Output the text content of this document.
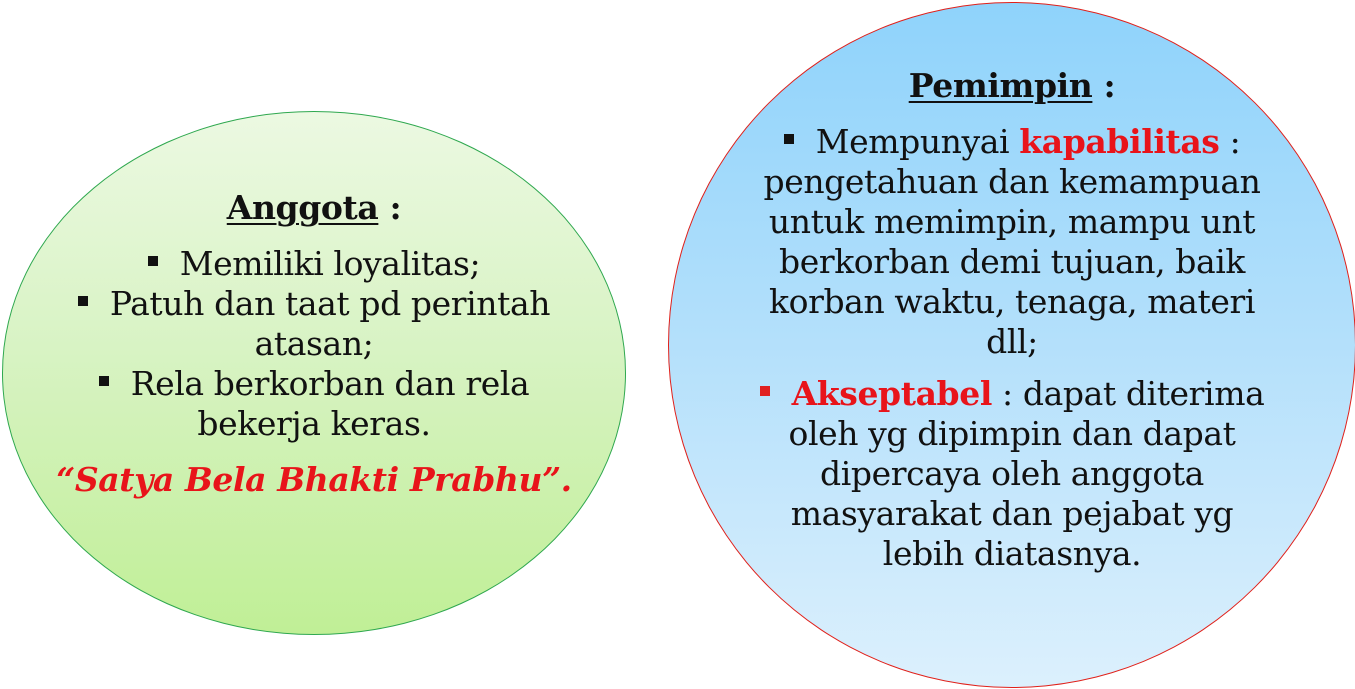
Anggota :
Memiliki loyalitas;
Patuh dan taat pd perintah
atasan;
Rela berkorban dan rela
bekerja keras.
“Satya Bela Bhakti Prabhu”.
Pemimpin :
Mempunyai kapabilitas :
pengetahuan dan kemampuan
untuk memimpin, mampu unt
berkorban demi tujuan, baik
korban waktu, tenaga, materi
dll;
Akseptabel : dapat diterima
oleh yg dipimpin dan dapat
dipercaya oleh anggota
masyarakat dan pejabat yg
lebih diatasnya.
